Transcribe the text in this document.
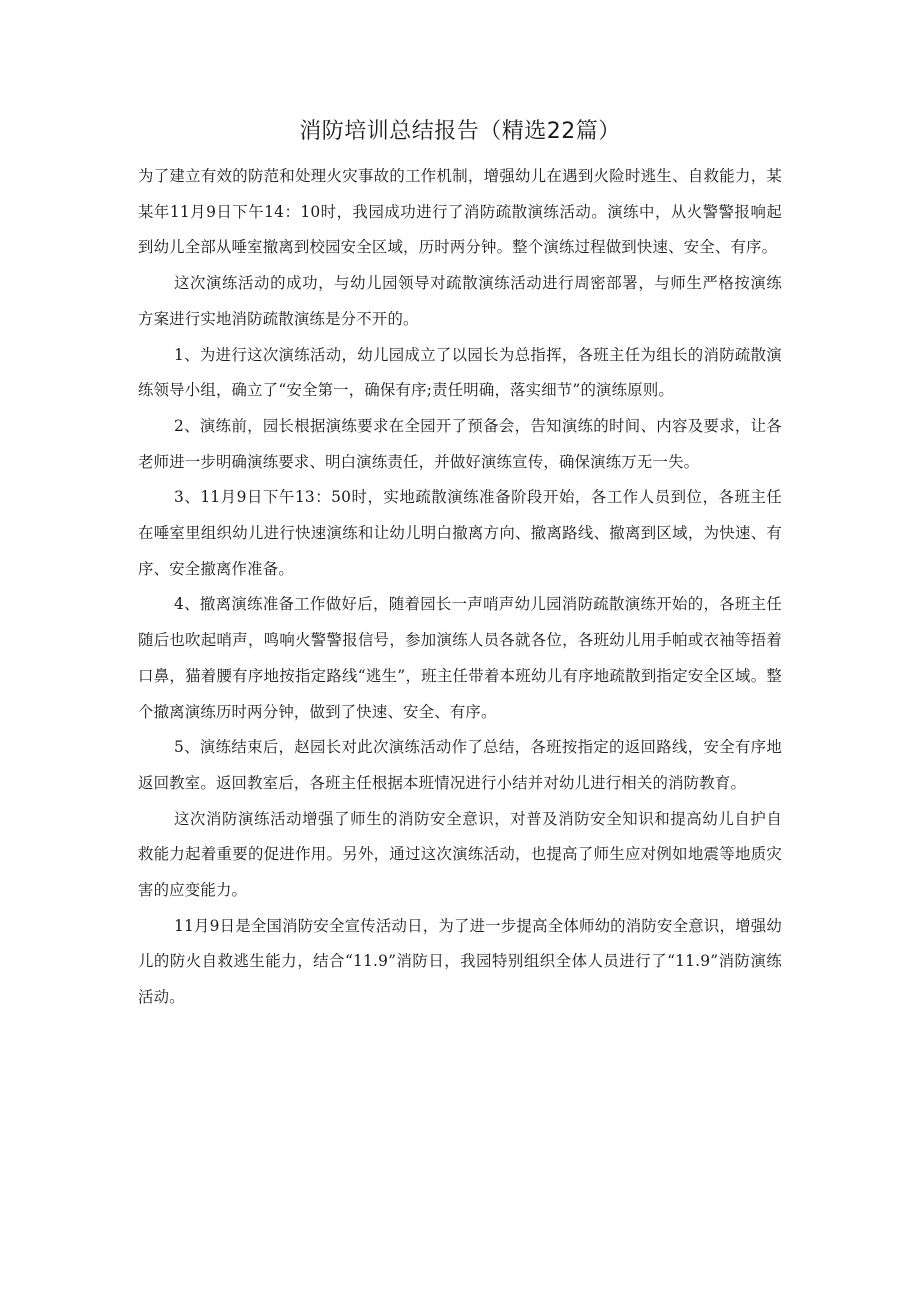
消防培训总结报告（精选22篇）

为了建立有效的防范和处理火灾事故的工作机制，增强幼儿在遇到火险时逃生、自救能力，某某年11月9日下午14：10时，我园成功进行了消防疏散演练活动。演练中，从火警警报响起到幼儿全部从唾室撤离到校园安全区域，历时两分钟。整个演练过程做到快速、安全、有序。

这次演练活动的成功，与幼儿园领导对疏散演练活动进行周密部署，与师生严格按演练方案进行实地消防疏散演练是分不开的。

1、为进行这次演练活动，幼儿园成立了以园长为总指挥，各班主任为组长的消防疏散演练领导小组，确立了“安全第一，确保有序;责任明确，落实细节”的演练原则。

2、演练前，园长根据演练要求在全园开了预备会，告知演练的时间、内容及要求，让各老师进一步明确演练要求、明白演练责任，并做好演练宣传，确保演练万无一失。

3、11月9日下午13：50时，实地疏散演练准备阶段开始，各工作人员到位，各班主任在唾室里组织幼儿进行快速演练和让幼儿明白撤离方向、撤离路线、撤离到区域，为快速、有序、安全撤离作准备。

4、撤离演练准备工作做好后，随着园长一声哨声幼儿园消防疏散演练开始的，各班主任随后也吹起哨声，鸣响火警警报信号，参加演练人员各就各位，各班幼儿用手帕或衣袖等捂着口鼻，猫着腰有序地按指定路线“逃生”，班主任带着本班幼儿有序地疏散到指定安全区域。整个撤离演练历时两分钟，做到了快速、安全、有序。

5、演练结束后，赵园长对此次演练活动作了总结，各班按指定的返回路线，安全有序地返回教室。返回教室后，各班主任根据本班情况进行小结并对幼儿进行相关的消防教育。

这次消防演练活动增强了师生的消防安全意识，对普及消防安全知识和提高幼儿自护自救能力起着重要的促进作用。另外，通过这次演练活动，也提高了师生应对例如地震等地质灾害的应变能力。

11月9日是全国消防安全宣传活动日，为了进一步提高全体师幼的消防安全意识，增强幼儿的防火自救逃生能力，结合“11.9”消防日，我园特别组织全体人员进行了“11.9”消防演练活动。
